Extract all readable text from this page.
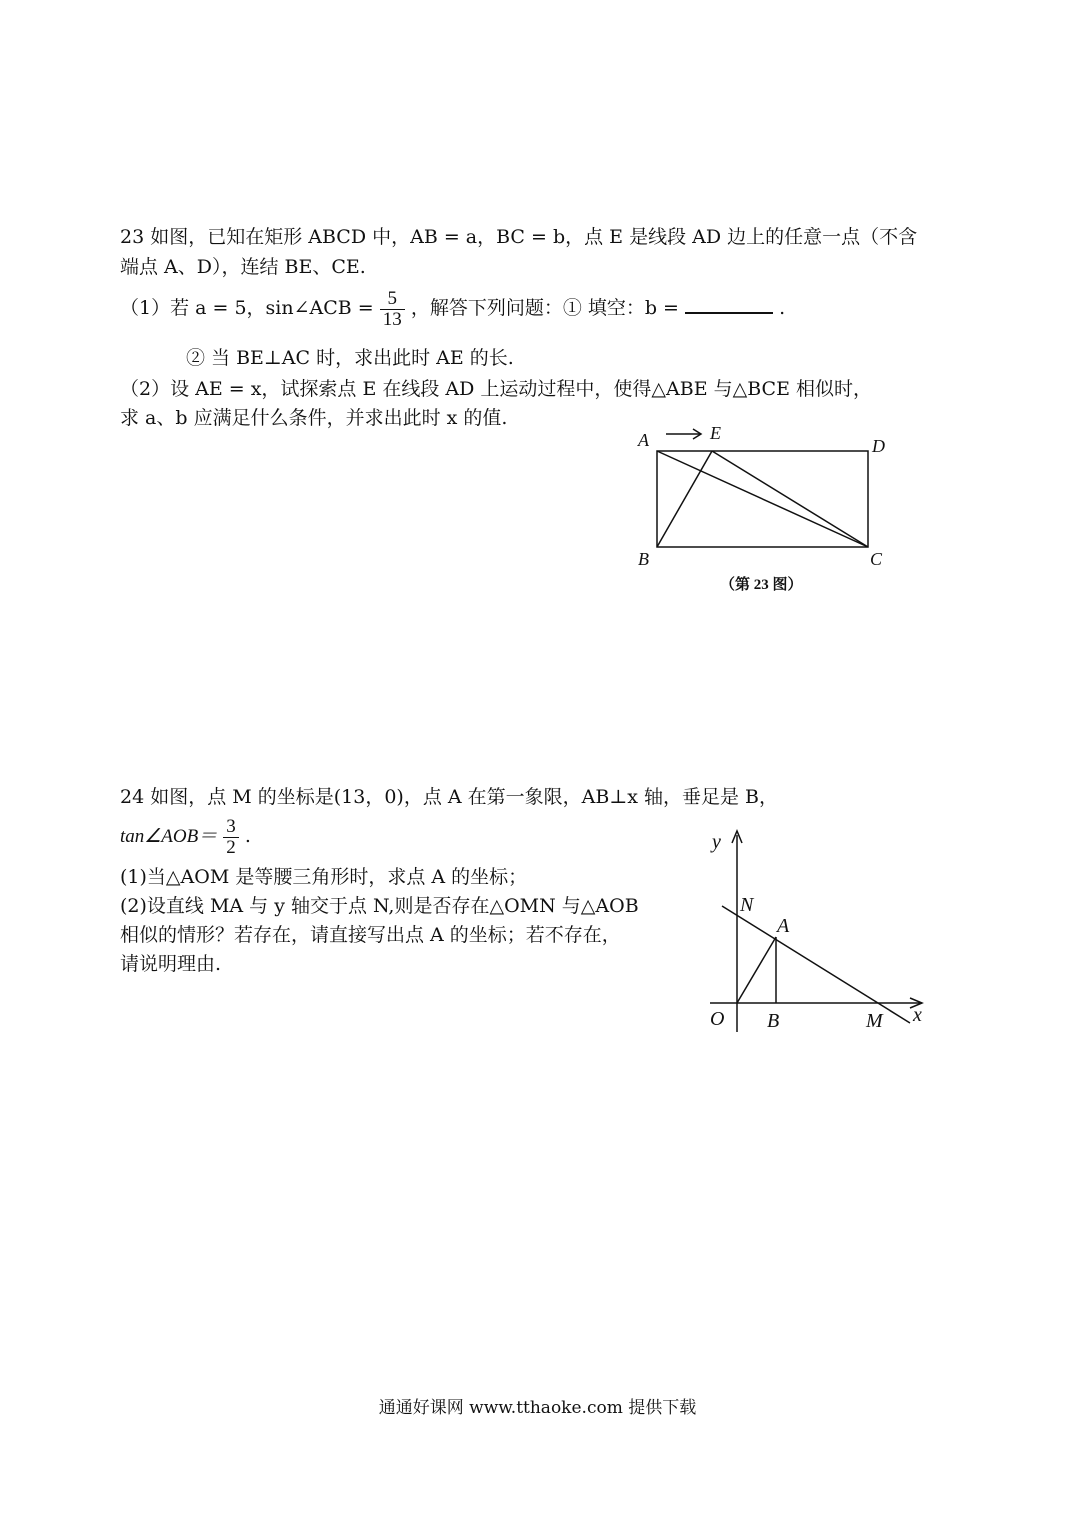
23 如图，已知在矩形 ABCD 中，AB = a，BC = b，点 E 是线段 AD 边上的任意一点（不含
端点 A、D），连结 BE、CE.
（1）若 a = 5，sin∠ACB = $\frac{5}{13}$ ，解答下列问题：① 填空：b =	.
② 当 BE⊥AC 时，求出此时 AE 的长.
（2）设 AE = x，试探索点 E 在线段 AD 上运动过程中，使得△ABE 与△BCE 相似时，
求 a、b 应满足什么条件，并求出此时 x 的值.
A	E
D
B	C
（第 23 图）
24 如图，点 M 的坐标是(13，0)，点 A 在第一象限，AB⊥x 轴，垂足是 B，
tan∠AOB＝ $\frac{3}{2}$ .
(1)当△AOM 是等腰三角形时，求点 A 的坐标；
(2)设直线 MA 与 y 轴交于点 N,则是否存在△OMN 与△AOB
相似的情形？若存在，请直接写出点 A 的坐标；若不存在，
请说明理由.
y
x
N
A
O B	M
通通好课网 www.tthaoke.com 提供下载
